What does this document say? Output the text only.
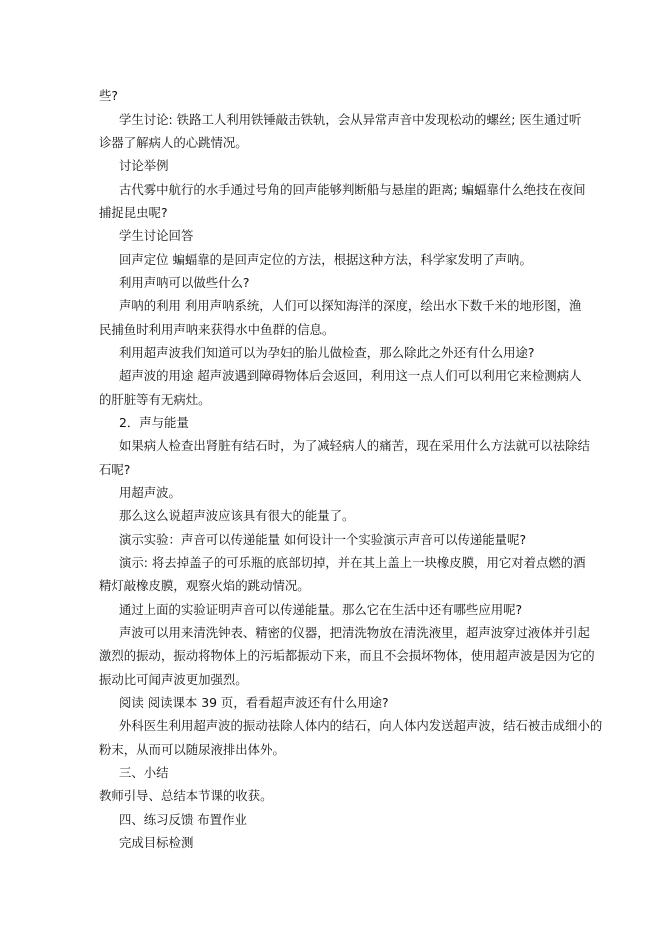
些?
学生讨论: 铁路工人利用铁锤敲击铁轨，会从异常声音中发现松动的螺丝; 医生通过听
诊器了解病人的心跳情况。
讨论举例
古代雾中航行的水手通过号角的回声能够判断船与悬崖的距离; 蝙蝠靠什么绝技在夜间
捕捉昆虫呢?
学生讨论回答
回声定位 蝙蝠靠的是回声定位的方法，根据这种方法，科学家发明了声呐。
利用声呐可以做些什么?
声呐的利用 利用声呐系统，人们可以探知海洋的深度，绘出水下数千米的地形图，渔
民捕鱼时利用声呐来获得水中鱼群的信息。
利用超声波我们知道可以为孕妇的胎儿做检查，那么除此之外还有什么用途?
超声波的用途 超声波遇到障碍物体后会返回，利用这一点人们可以利用它来检测病人
的肝脏等有无病灶。
2．声与能量
如果病人检查出肾脏有结石时，为了减轻病人的痛苦，现在采用什么方法就可以祛除结
石呢?
用超声波。
那么这么说超声波应该具有很大的能量了。
演示实验：声音可以传递能量 如何设计一个实验演示声音可以传递能量呢?
演示: 将去掉盖子的可乐瓶的底部切掉，并在其上盖上一块橡皮膜，用它对着点燃的酒
精灯敲橡皮膜，观察火焰的跳动情况。
通过上面的实验证明声音可以传递能量。那么它在生活中还有哪些应用呢?
声波可以用来清洗钟表、精密的仪器，把清洗物放在清洗液里，超声波穿过液体并引起
激烈的振动，振动将物体上的污垢都振动下来，而且不会损坏物体，使用超声波是因为它的
振动比可闻声波更加强烈。
阅读 阅读课本 39 页，看看超声波还有什么用途?
外科医生利用超声波的振动祛除人体内的结石，向人体内发送超声波，结石被击成细小的
粉末，从而可以随尿液排出体外。
三、小结
教师引导、总结本节课的收获。
四、练习反馈 布置作业
完成目标检测
